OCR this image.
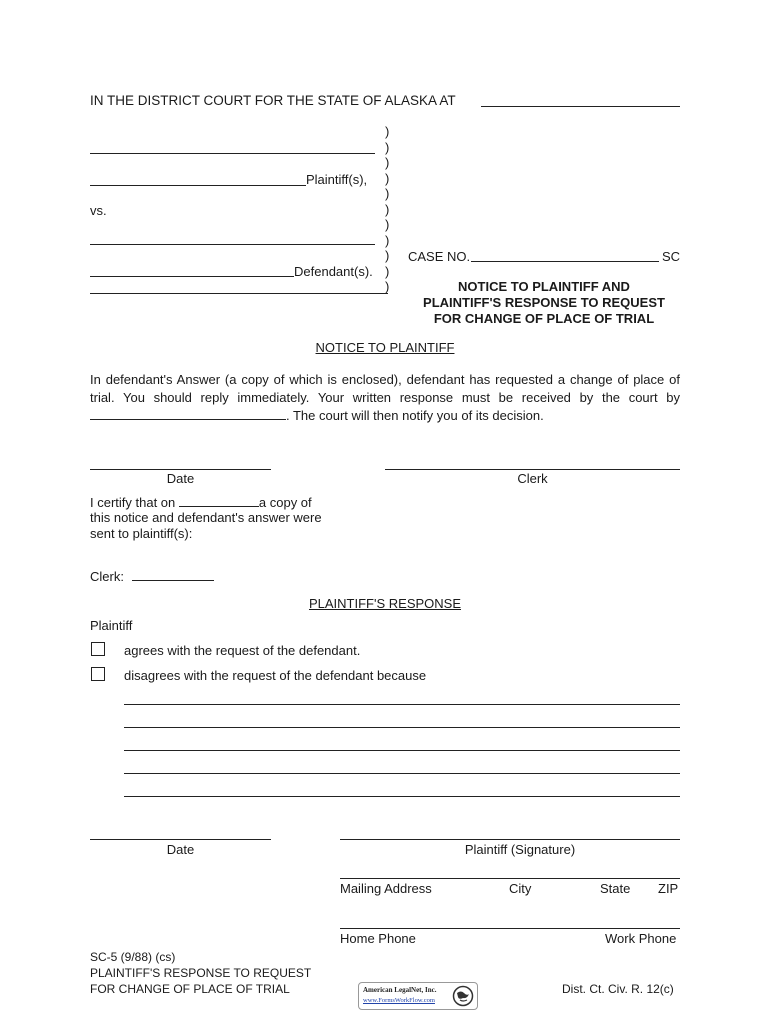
IN THE DISTRICT COURT FOR THE STATE OF ALASKA AT
Plaintiff(s),
vs.
Defendant(s).
)
)
)
)
)
)
)
)
)
)
)
CASE NO.	SC
NOTICE TO PLAINTIFF AND
PLAINTIFF'S RESPONSE TO REQUEST
FOR CHANGE OF PLACE OF TRIAL
NOTICE TO PLAINTIFF
In defendant's Answer (a copy of which is enclosed), defendant has requested a change of place of trial. You should reply immediately. Your written response must be received by the court by . The court will then notify you of its decision.
Date	Clerk
I certify that on	a copy of
this notice and defendant's answer were
sent to plaintiff(s):
Clerk:
PLAINTIFF'S RESPONSE
Plaintiff
agrees with the request of the defendant.
disagrees with the request of the defendant because
Date	Plaintiff (Signature)
Mailing Address	City	State ZIP
Home Phone	Work Phone
SC-5 (9/88) (cs)
PLAINTIFF'S RESPONSE TO REQUEST
FOR CHANGE OF PLACE OF TRIAL	American LegalNet, Inc.
www.FormsWorkFlow.com
Dist. Ct. Civ. R. 12(c)
